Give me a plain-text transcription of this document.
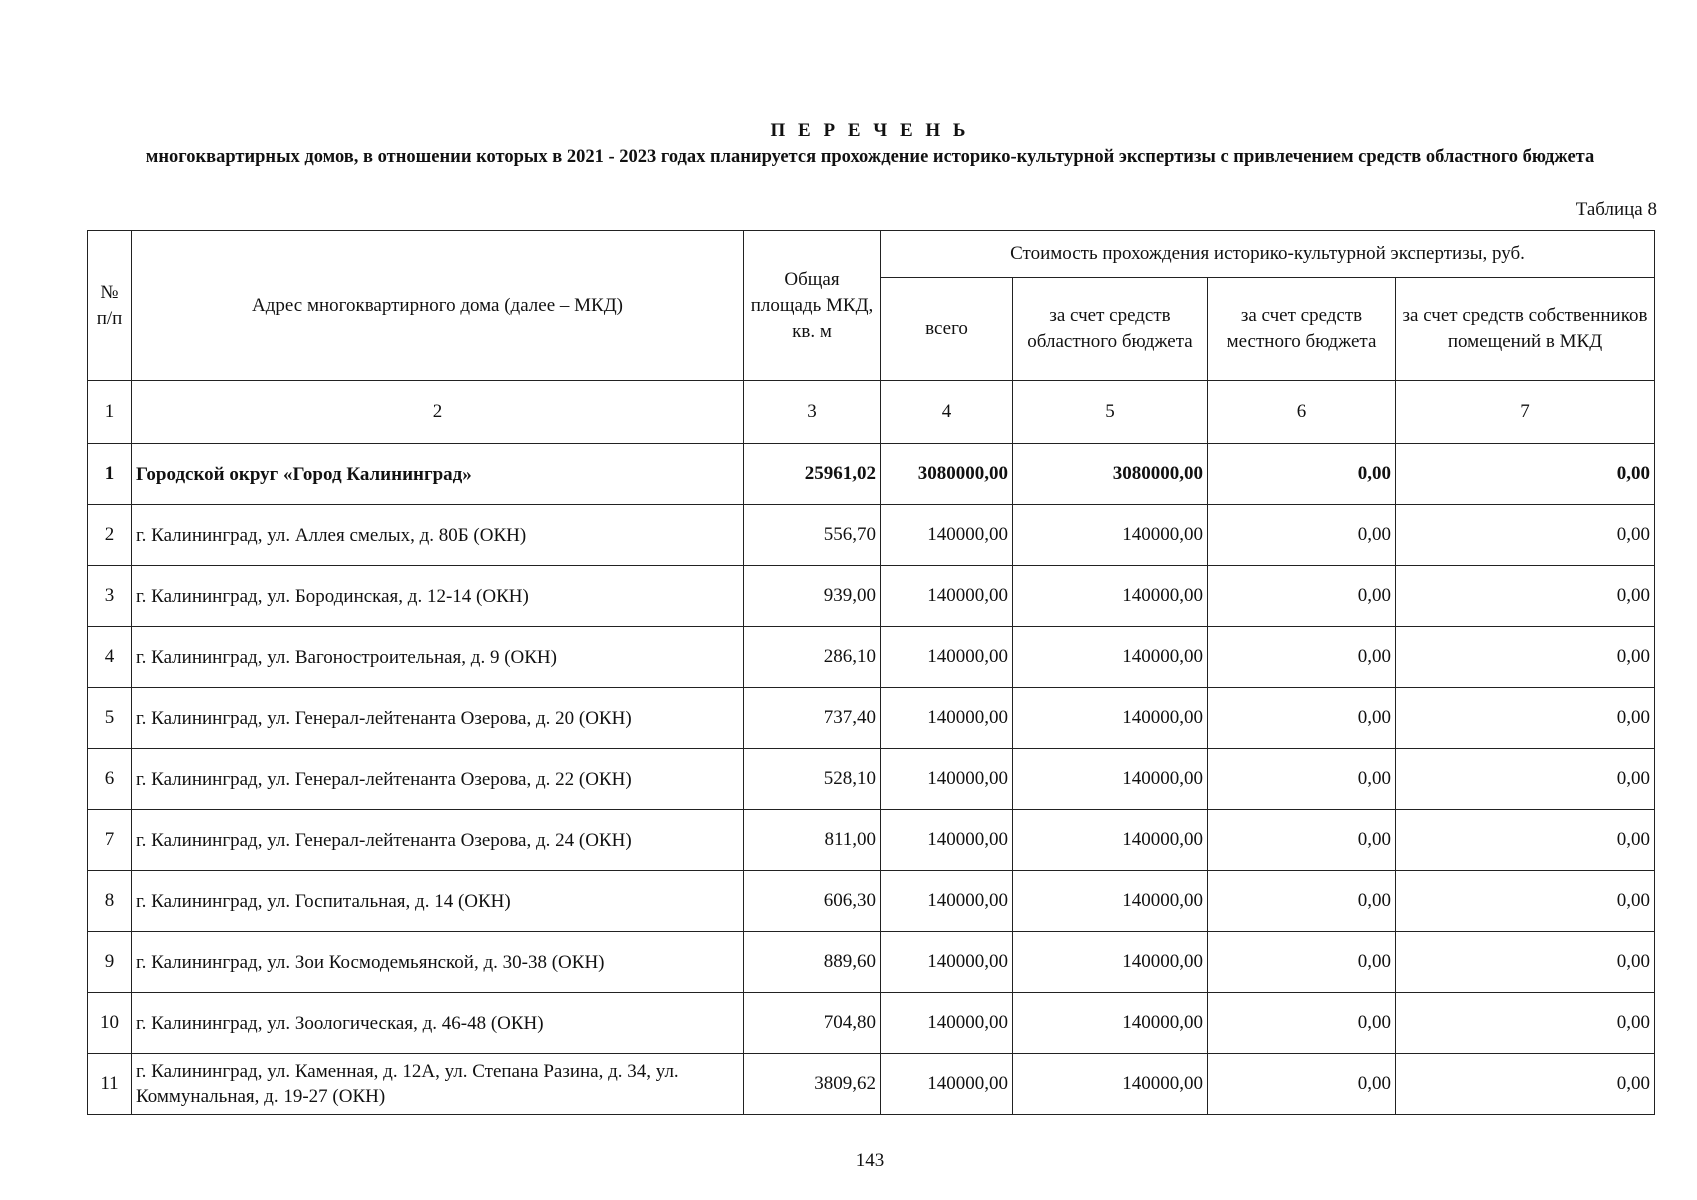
П Е Р Е Ч Е Н Ь
многоквартирных домов, в отношении которых в 2021 - 2023 годах планируется прохождение историко-культурной экспертизы с привлечением средств областного бюджета
Таблица 8
№ п/п	Адрес многоквартирного дома (далее – МКД)	Общая площадь МКД, кв. м	Стоимость прохождения историко-культурной экспертизы, руб.			
			всего	за счет средств областного бюджета	за счет средств местного бюджета	за счет средств собственников помещений в МКД
1	2	3	4	5	6	7
1	Городской округ «Город Калининград»	25961,02	3080000,00	3080000,00	0,00	0,00
2	г. Калининград, ул. Аллея смелых, д. 80Б (ОКН)	556,70	140000,00	140000,00	0,00	0,00
3	г. Калининград, ул. Бородинская, д. 12-14 (ОКН)	939,00	140000,00	140000,00	0,00	0,00
4	г. Калининград, ул. Вагоностроительная, д. 9 (ОКН)	286,10	140000,00	140000,00	0,00	0,00
5	г. Калининград, ул. Генерал-лейтенанта Озерова, д. 20 (ОКН)	737,40	140000,00	140000,00	0,00	0,00
6	г. Калининград, ул. Генерал-лейтенанта Озерова, д. 22 (ОКН)	528,10	140000,00	140000,00	0,00	0,00
7	г. Калининград, ул. Генерал-лейтенанта Озерова, д. 24 (ОКН)	811,00	140000,00	140000,00	0,00	0,00
8	г. Калининград, ул. Госпитальная, д. 14 (ОКН)	606,30	140000,00	140000,00	0,00	0,00
9	г. Калининград, ул. Зои Космодемьянской, д. 30-38 (ОКН)	889,60	140000,00	140000,00	0,00	0,00
10	г. Калининград, ул. Зоологическая, д. 46-48 (ОКН)	704,80	140000,00	140000,00	0,00	0,00
11	г. Калининград, ул. Каменная, д. 12А, ул. Степана Разина, д. 34, ул. Коммунальная, д. 19-27 (ОКН)	3809,62	140000,00	140000,00	0,00	0,00
143
